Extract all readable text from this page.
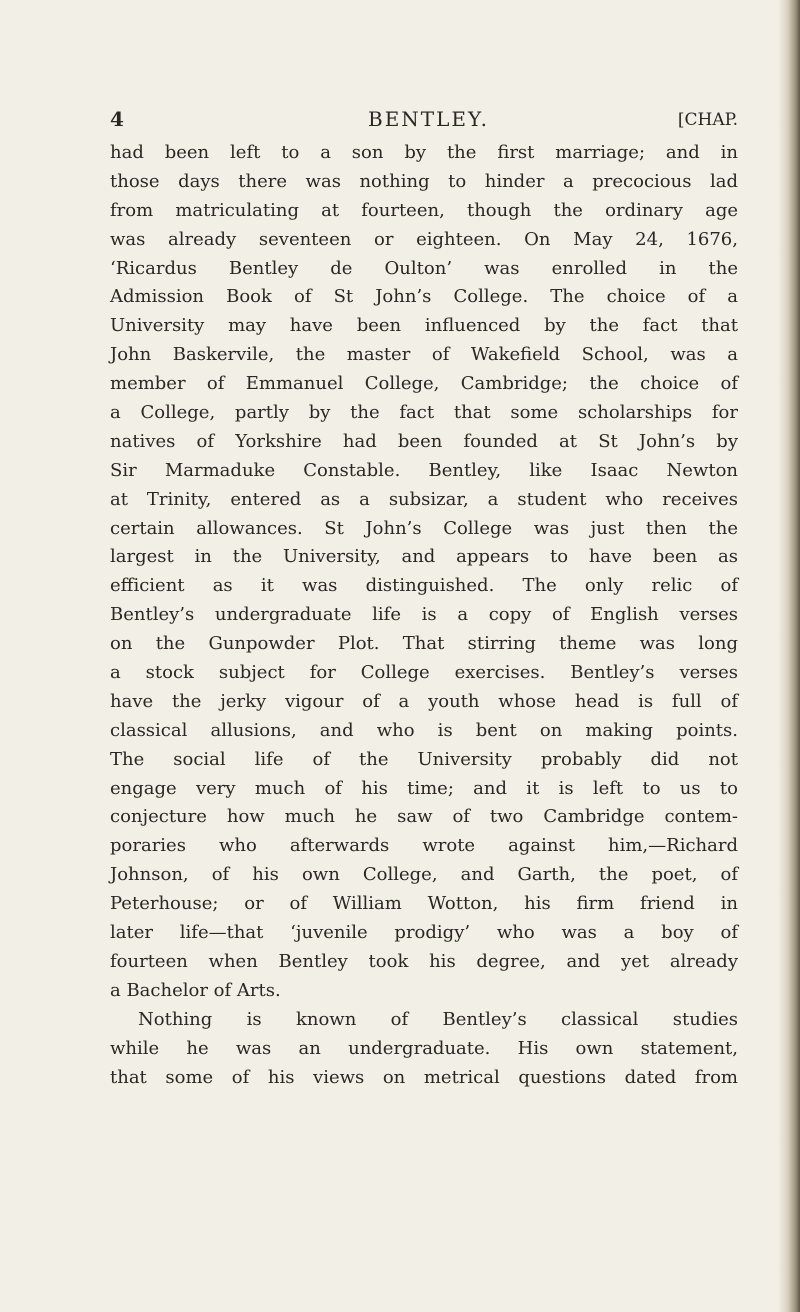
4	BENTLEY.	[CHAP.
had been left to a son by the first marriage; and in
those days there was nothing to hinder a precocious lad
from matriculating at fourteen, though the ordinary age
was already seventeen or eighteen. On May 24, 1676,
‘Ricardus Bentley de Oulton’ was enrolled in the
Admission Book of St John’s College. The choice of a
University may have been influenced by the fact that
John Baskervile, the master of Wakefield School, was a
member of Emmanuel College, Cambridge; the choice of
a College, partly by the fact that some scholarships for
natives of Yorkshire had been founded at St John’s by
Sir Marmaduke Constable. Bentley, like Isaac Newton
at Trinity, entered as a subsizar, a student who receives
certain allowances. St John’s College was just then the
largest in the University, and appears to have been as
efficient as it was distinguished. The only relic of
Bentley’s undergraduate life is a copy of English verses
on the Gunpowder Plot. That stirring theme was long
a stock subject for College exercises. Bentley’s verses
have the jerky vigour of a youth whose head is full of
classical allusions, and who is bent on making points.
The social life of the University probably did not
engage very much of his time; and it is left to us to
conjecture how much he saw of two Cambridge contem-
poraries who afterwards wrote against him,—Richard
Johnson, of his own College, and Garth, the poet, of
Peterhouse; or of William Wotton, his firm friend in
later life—that ‘juvenile prodigy’ who was a boy of
fourteen when Bentley took his degree, and yet already
a Bachelor of Arts.
Nothing is known of Bentley’s classical studies
while he was an undergraduate. His own statement,
that some of his views on metrical questions dated from
